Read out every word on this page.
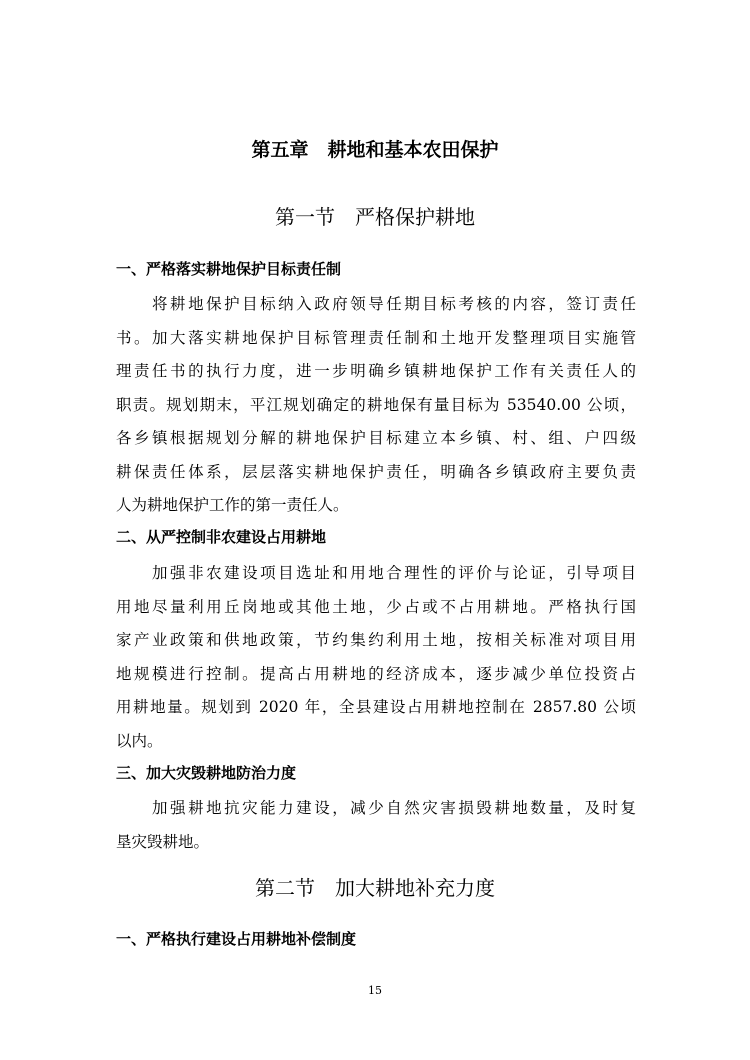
第五章　耕地和基本农田保护
第一节　严格保护耕地
一、严格落实耕地保护目标责任制
　　将耕地保护目标纳入政府领导任期目标考核的内容，签订责任
书。加大落实耕地保护目标管理责任制和土地开发整理项目实施管
理责任书的执行力度，进一步明确乡镇耕地保护工作有关责任人的
职责。规划期末，平江规划确定的耕地保有量目标为 53540.00 公顷，
各乡镇根据规划分解的耕地保护目标建立本乡镇、村、组、户四级
耕保责任体系，层层落实耕地保护责任，明确各乡镇政府主要负责
人为耕地保护工作的第一责任人。
二、从严控制非农建设占用耕地
　　加强非农建设项目选址和用地合理性的评价与论证，引导项目
用地尽量利用丘岗地或其他土地，少占或不占用耕地。严格执行国
家产业政策和供地政策，节约集约利用土地，按相关标准对项目用
地规模进行控制。提高占用耕地的经济成本，逐步减少单位投资占
用耕地量。规划到 2020 年，全县建设占用耕地控制在 2857.80 公顷
以内。
三、加大灾毁耕地防治力度
　　加强耕地抗灾能力建设，减少自然灾害损毁耕地数量，及时复
垦灾毁耕地。
第二节　加大耕地补充力度
一、严格执行建设占用耕地补偿制度
15
